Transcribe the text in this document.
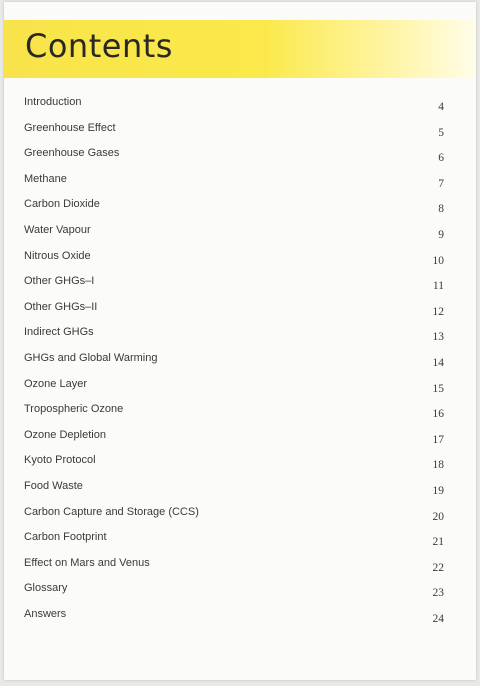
Contents
Introduction	4
Greenhouse Effect	5
Greenhouse Gases	6
Methane	7
Carbon Dioxide	8
Water Vapour	9
Nitrous Oxide	10
Other GHGs–I	11
Other GHGs–II	12
Indirect GHGs	13
GHGs and Global Warming	14
Ozone Layer	15
Tropospheric Ozone	16
Ozone Depletion	17
Kyoto Protocol	18
Food Waste	19
Carbon Capture and Storage (CCS)	20
Carbon Footprint	21
Effect on Mars and Venus	22
Glossary	23
Answers	24
